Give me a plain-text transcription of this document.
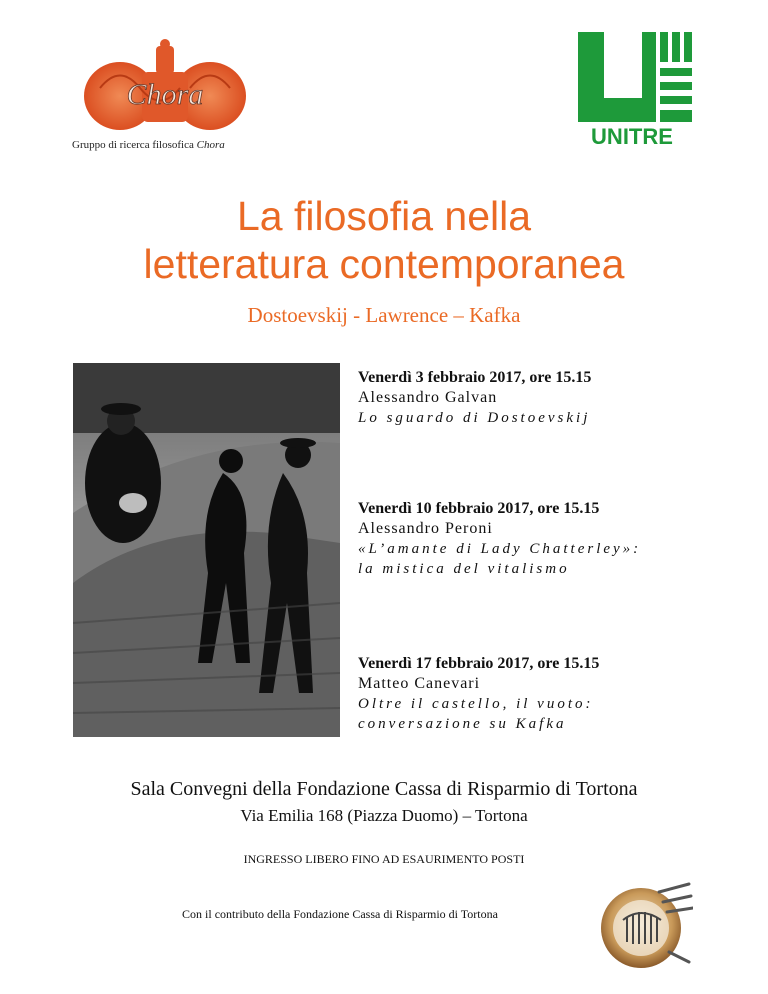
Chora
Gruppo di ricerca filosofica Chora	UNITRE
La filosofia nella
letteratura contemporanea
Dostoevskij - Lawrence – Kafka
Venerdì 3 febbraio 2017, ore 15.15
Alessandro Galvan
Lo sguardo di Dostoevskij
Venerdì 10 febbraio 2017, ore 15.15
Alessandro Peroni
«L’amante di Lady Chatterley»:
la mistica del vitalismo
Venerdì 17 febbraio 2017, ore 15.15
Matteo Canevari
Oltre il castello, il vuoto:
conversazione su Kafka
Sala Convegni della Fondazione Cassa di Risparmio di Tortona
Via Emilia 168 (Piazza Duomo) – Tortona
INGRESSO LIBERO FINO AD ESAURIMENTO POSTI
Con il contributo della Fondazione Cassa di Risparmio di Tortona
